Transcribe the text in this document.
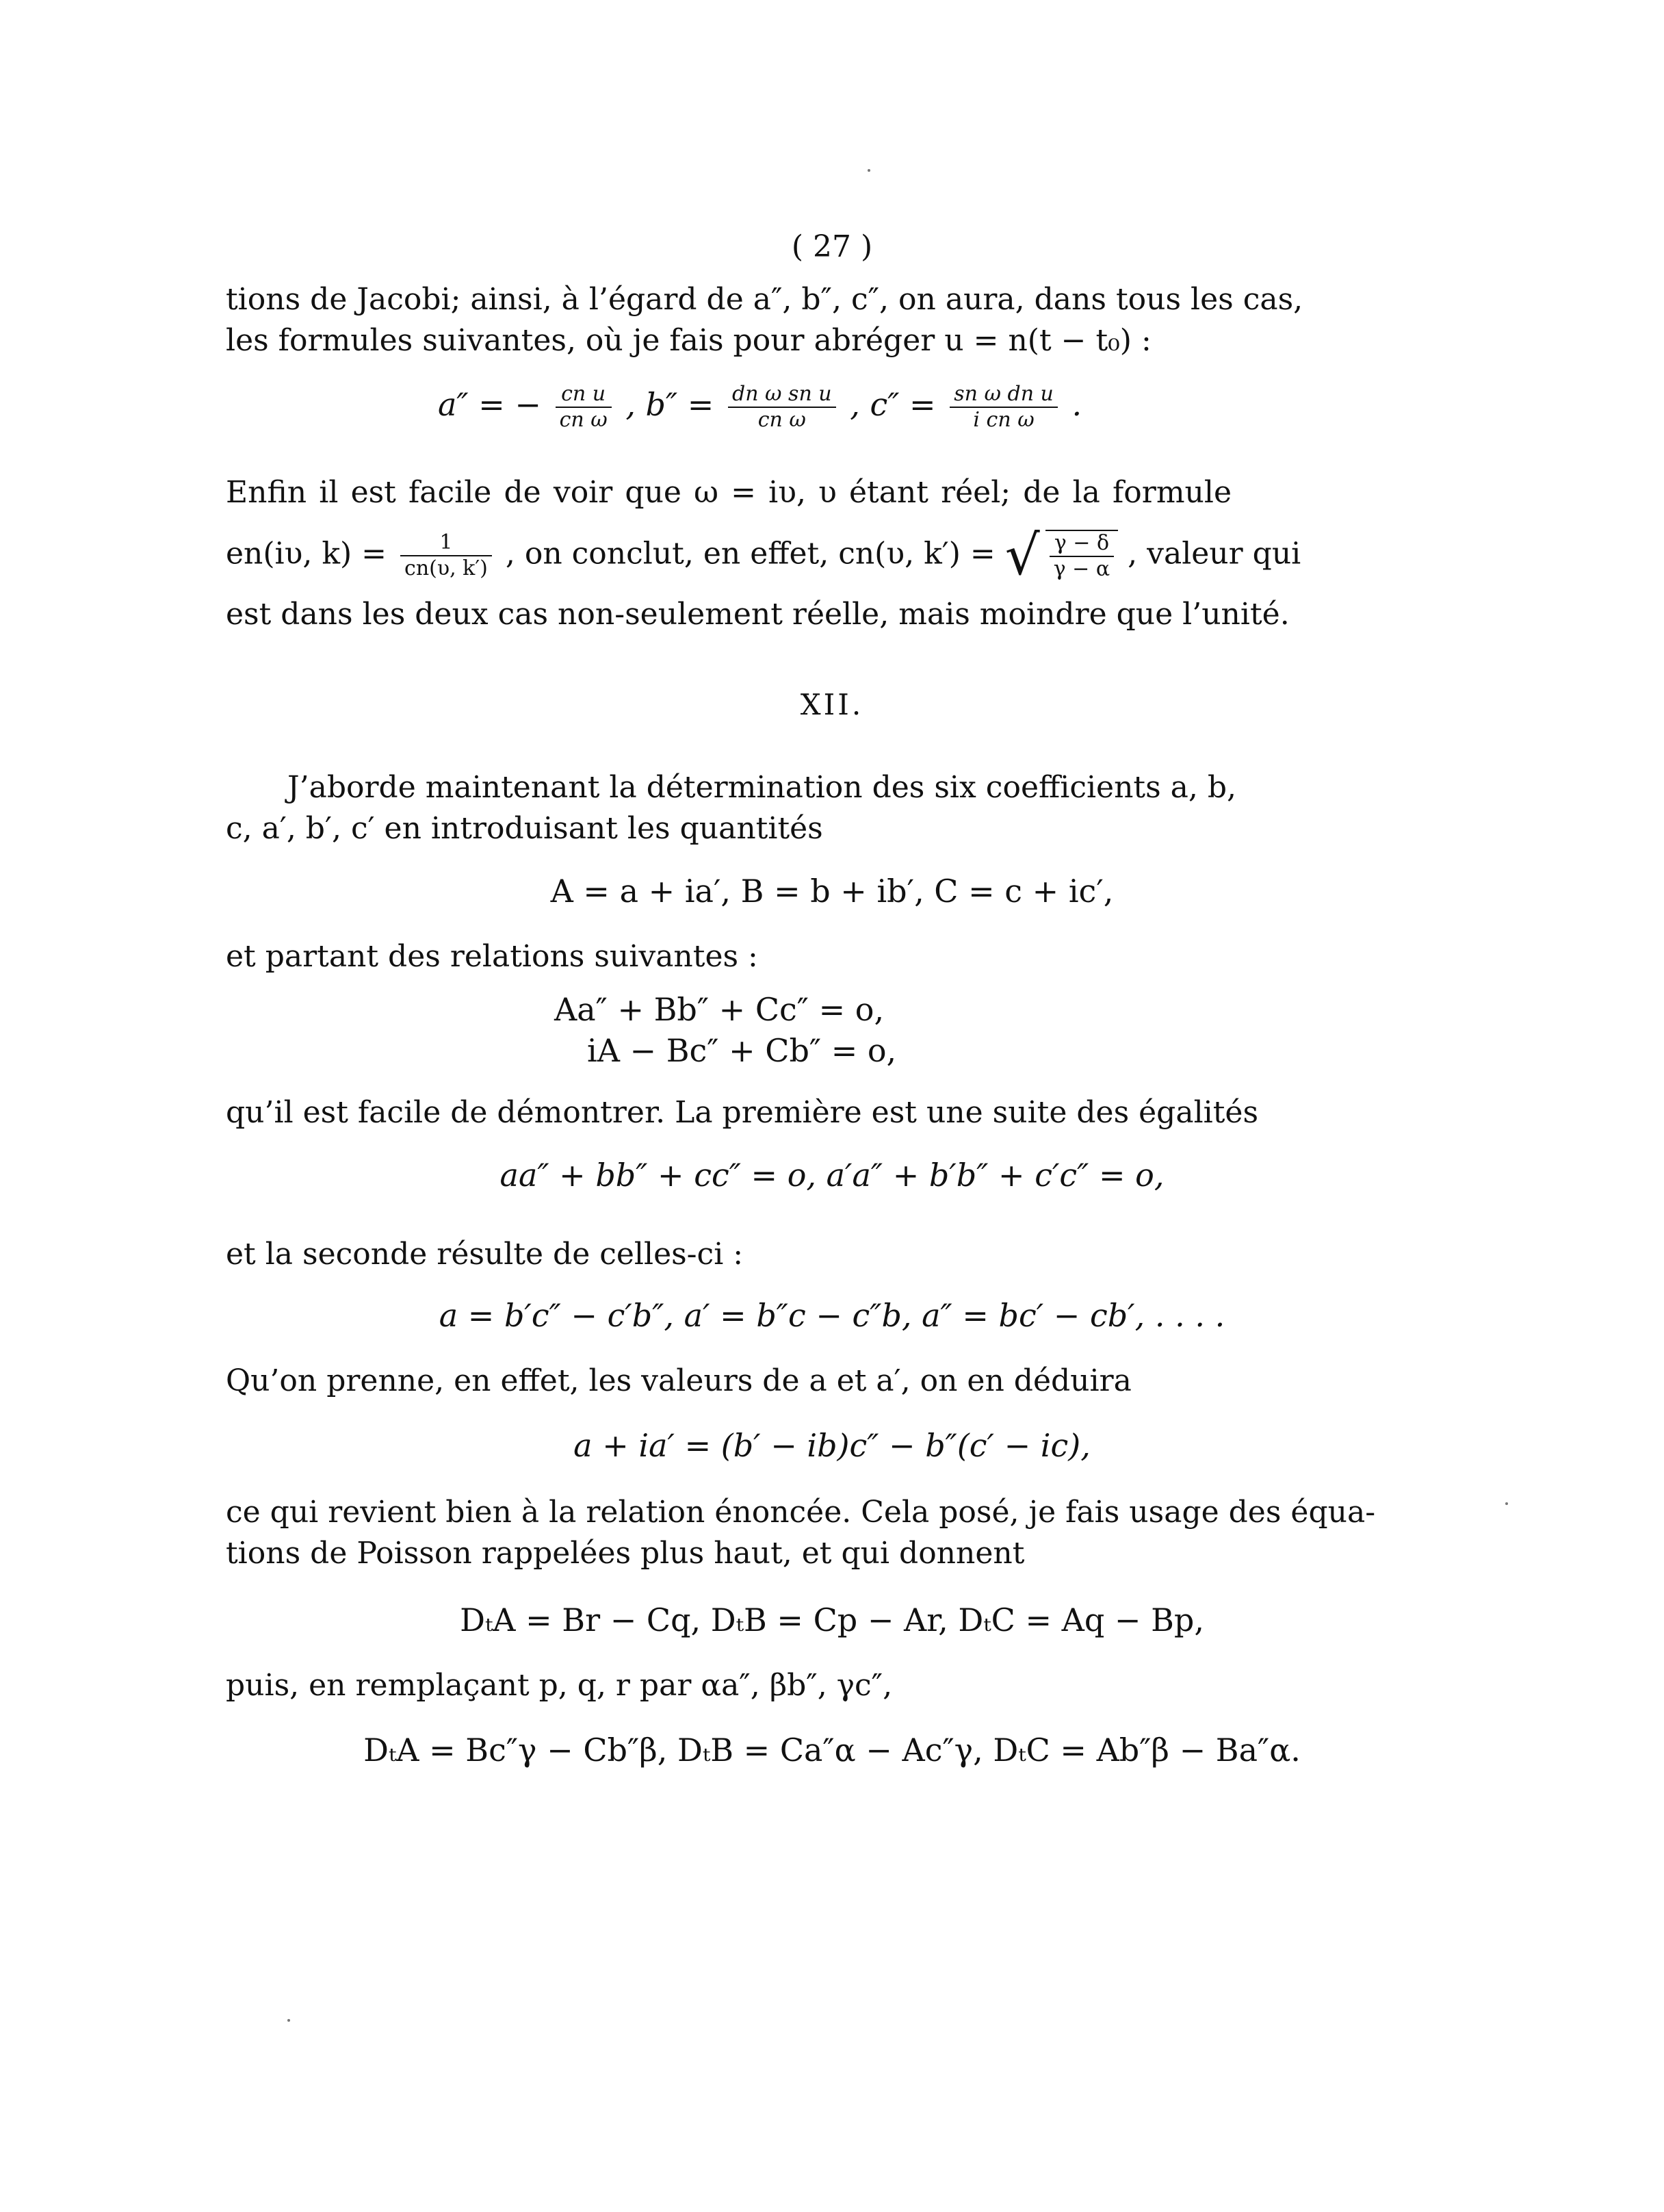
( 27 )
tions de Jacobi; ainsi, à l’égard de a″, b″, c″, on aura, dans tous les cas,
les formules suivantes, où je fais pour abréger u = n(t − t₀) :
a″ = − $\frac{\text{cn u}}{\text{cn ω}}$ , $b'' = \frac{\text{dn ω sn u}}{\text{cn ω}}$ , $c'' = \frac{\text{sn ω dn u}}{\text{i cn ω}}$ .
Enfin il est facile de voir que ω = iυ, υ étant réel; de la formule
en(iυ, $k) = \frac{1}{cn(\upsilon, k')}$ , on conclut, en effet, cn(υ, k′) = √ $\frac{\gamma - \delta}{\gamma - \alpha}$ , valeur qui
est dans les deux cas non-seulement réelle, mais moindre que l’unité.
XII.
J’aborde maintenant la détermination des six coefficients a, b,
c, a′, b′, c′ en introduisant les quantités
A = a + ia′, B = b + ib′, C = c + ic′,
et partant des relations suivantes :
Aa″ + Bb″ + Cc″ = o,
iA − Bc″ + Cb″ = o,
qu’il est facile de démontrer. La première est une suite des égalités
aa″ + bb″ + cc″ = o, a′a″ + b′b″ + c′c″ = o,
et la seconde résulte de celles-ci :
a = b′c″ − c′b″, a′ = b″c − c″b, a″ = bc′ − cb′, . . . .
Qu’on prenne, en effet, les valeurs de a et a′, on en déduira
a + ia′ = (b′ − ib)c″ − b″(c′ − ic),
ce qui revient bien à la relation énoncée. Cela posé, je fais usage des équa-
tions de Poisson rappelées plus haut, et qui donnent
DₜA = Br − Cq, DₜB = Cp − Ar, DₜC = Aq − Bp,
puis, en remplaçant p, q, r par αa″, βb″, γc″,
DₜA = Bc″γ − Cb″β, DₜB = Ca″α − Ac″γ, DₜC = Ab″β − Ba″α.
